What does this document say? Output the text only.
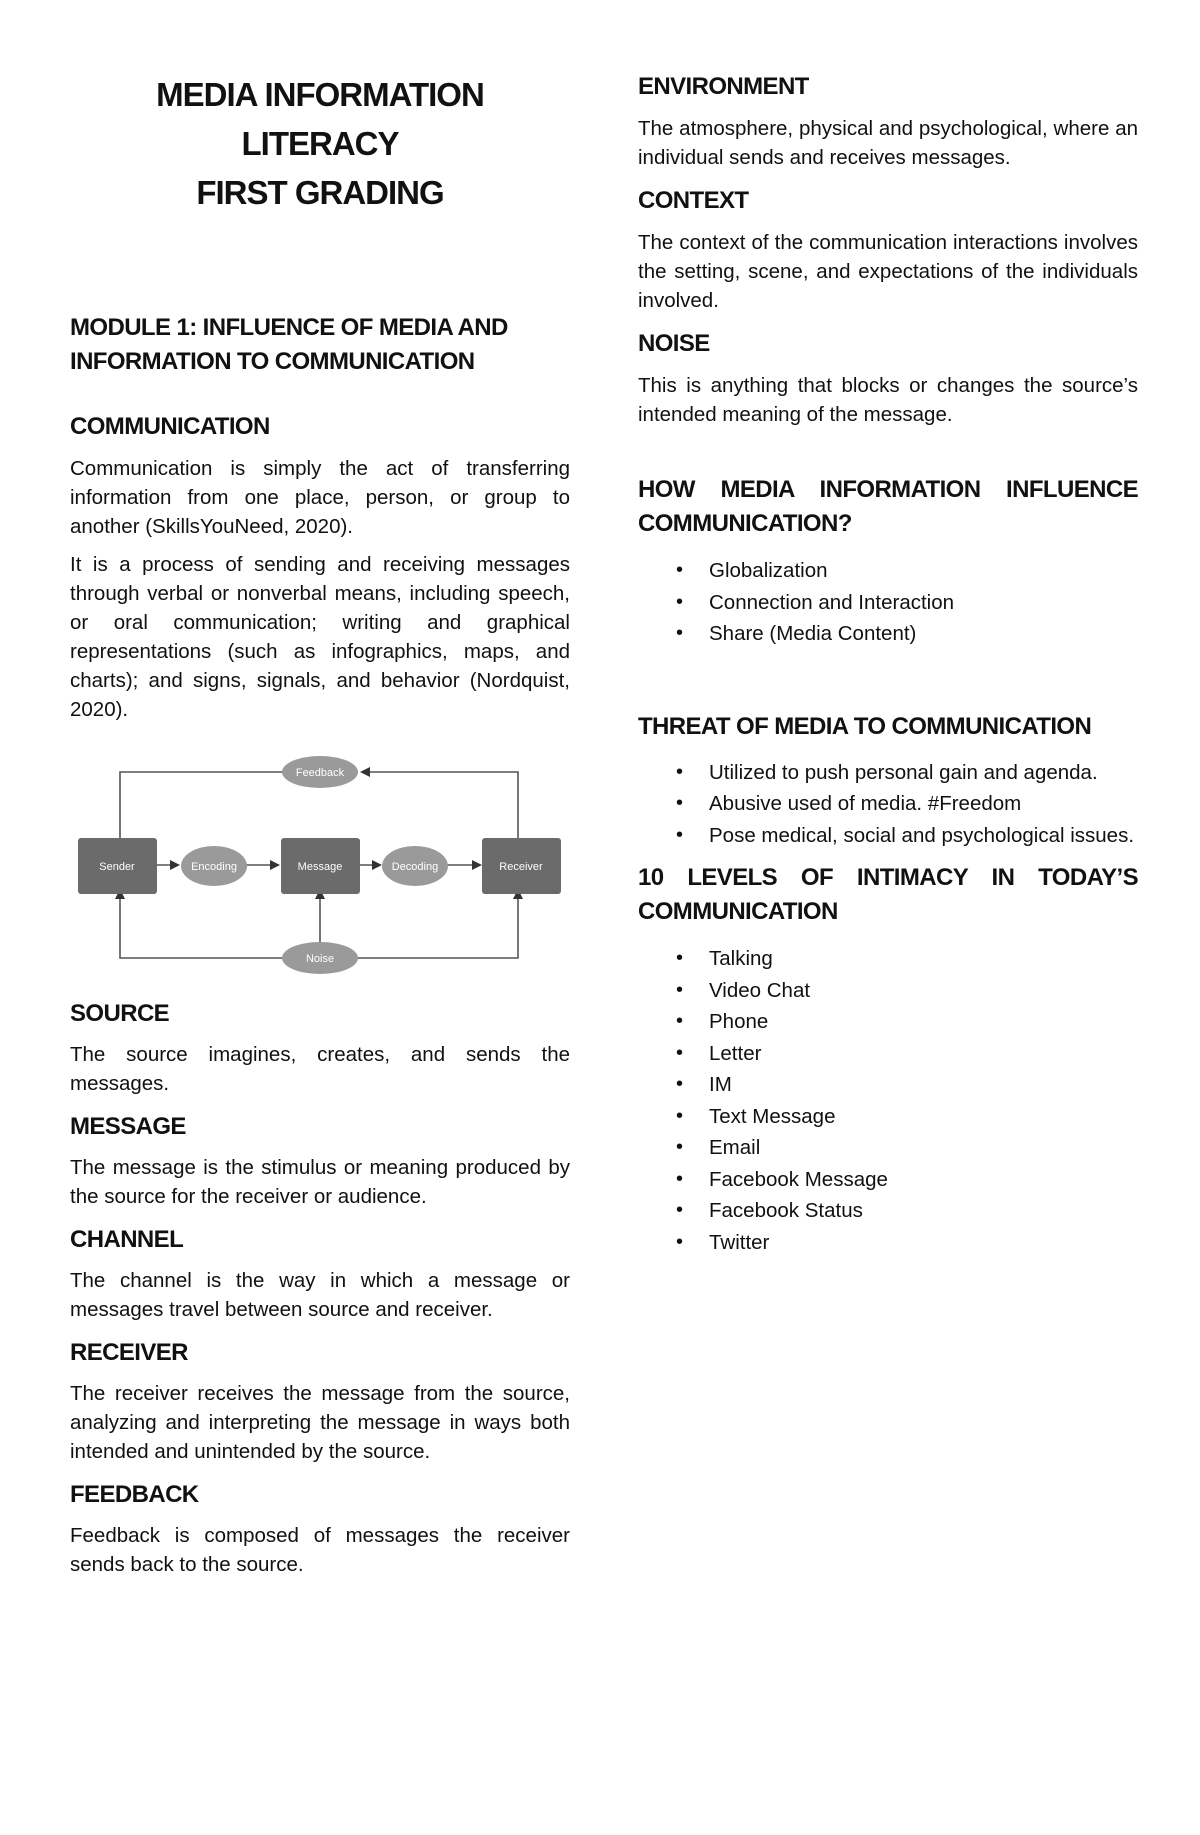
MEDIA INFORMATION
LITERACY
FIRST GRADING
MODULE 1: INFLUENCE OF MEDIA AND INFORMATION TO COMMUNICATION
COMMUNICATION

Communication is simply the act of transferring information from one place, person, or group to another (SkillsYouNeed, 2020).

It is a process of sending and receiving messages through verbal or nonverbal means, including speech, or oral communication; writing and graphical representations (such as infographics, maps, and charts); and signs, signals, and behavior (Nordquist, 2020).

Sender	Encoding	Message	Decoding	Receiver
Feedback
Noise
SOURCE

The source imagines, creates, and sends the messages.

MESSAGE

The message is the stimulus or meaning produced by the source for the receiver or audience.

CHANNEL

The channel is the way in which a message or messages travel between source and receiver.

RECEIVER

The receiver receives the message from the source, analyzing and interpreting the message in ways both intended and unintended by the source.

FEEDBACK

Feedback is composed of messages the receiver sends back to the source.

ENVIRONMENT

The atmosphere, physical and psychological, where an individual sends and receives messages.

CONTEXT

The context of the communication interactions involves the setting, scene, and expectations of the individuals involved.

NOISE

This is anything that blocks or changes the source’s intended meaning of the message.

HOW MEDIA INFORMATION INFLUENCE COMMUNICATION?
• Globalization
• Connection and Interaction
• Share (Media Content)
THREAT OF MEDIA TO COMMUNICATION
• Utilized to push personal gain and agenda.
• Abusive used of media. #Freedom
• Pose medical, social and psychological issues.
10 LEVELS OF INTIMACY IN TODAY’S COMMUNICATION
• Talking
• Video Chat
• Phone
• Letter
• IM
• Text Message
• Email
• Facebook Message
• Facebook Status
• Twitter
